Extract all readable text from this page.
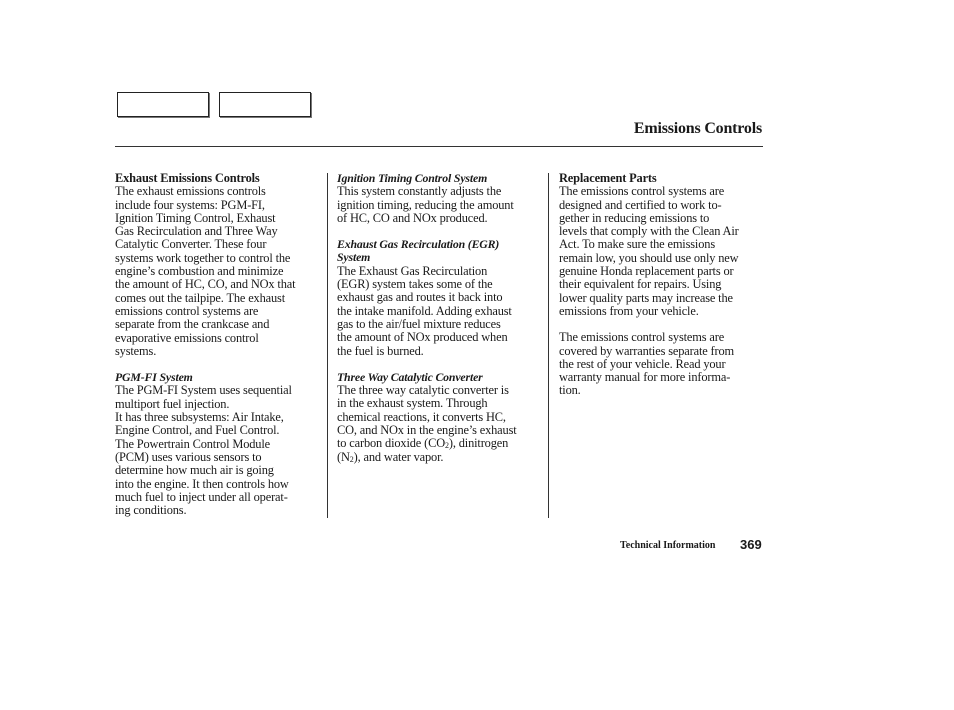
Emissions Controls

Exhaust Emissions Controls

The exhaust emissions controls
include four systems: PGM-FI,
Ignition Timing Control, Exhaust
Gas Recirculation and Three Way
Catalytic Converter. These four
systems work together to control the
engine’s combustion and minimize
the amount of HC, CO, and NOx that
comes out the tailpipe. The exhaust
emissions control systems are
separate from the crankcase and
evaporative emissions control
systems.

PGM-FI System

The PGM-FI System uses sequential
multiport fuel injection.
It has three subsystems: Air Intake,
Engine Control, and Fuel Control.
The Powertrain Control Module
(PCM) uses various sensors to
determine how much air is going
into the engine. It then controls how
much fuel to inject under all operat-
ing conditions.

Ignition Timing Control System

This system constantly adjusts the
ignition timing, reducing the amount
of HC, CO and NOx produced.

Exhaust Gas Recirculation (EGR)
System

The Exhaust Gas Recirculation
(EGR) system takes some of the
exhaust gas and routes it back into
the intake manifold. Adding exhaust
gas to the air/fuel mixture reduces
the amount of NOx produced when
the fuel is burned.

Three Way Catalytic Converter

The three way catalytic converter is
in the exhaust system. Through
chemical reactions, it converts HC,
CO, and NOx in the engine’s exhaust
to carbon dioxide $(CO_2)$, dinitrogen
$(N_2)$, and water vapor.

Replacement Parts

The emissions control systems are
designed and certified to work to-
gether in reducing emissions to
levels that comply with the Clean Air
Act. To make sure the emissions
remain low, you should use only new
genuine Honda replacement parts or
their equivalent for repairs. Using
lower quality parts may increase the
emissions from your vehicle.

The emissions control systems are
covered by warranties separate from
the rest of your vehicle. Read your
warranty manual for more informa-
tion.

Technical Information 369
